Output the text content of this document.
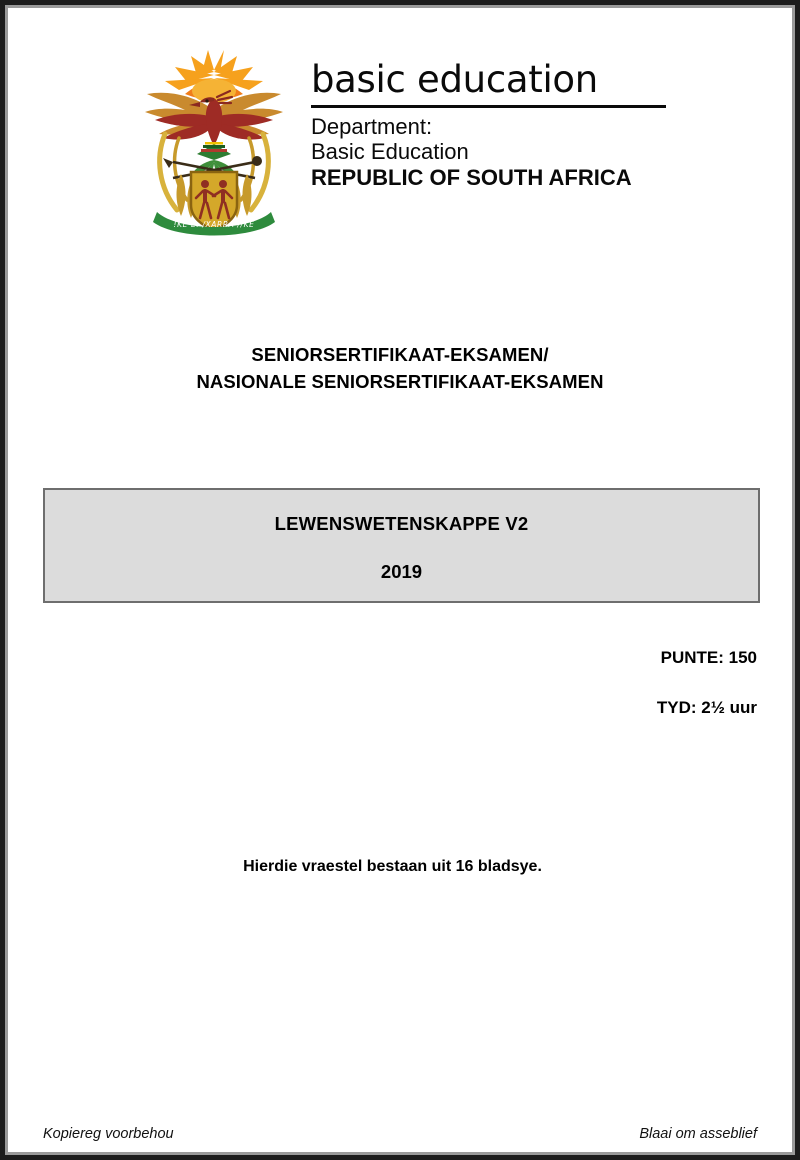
!KE E: /XARRA //KE
basic education
Department:
Basic Education
REPUBLIC OF SOUTH AFRICA
SENIORSERTIFIKAAT-EKSAMEN/
NASIONALE SENIORSERTIFIKAAT-EKSAMEN
LEWENSWETENSKAPPE V2
2019
PUNTE: 150
TYD: 2½ uur
Hierdie vraestel bestaan uit 16 bladsye.
Kopiereg voorbehou	Blaai om asseblief
